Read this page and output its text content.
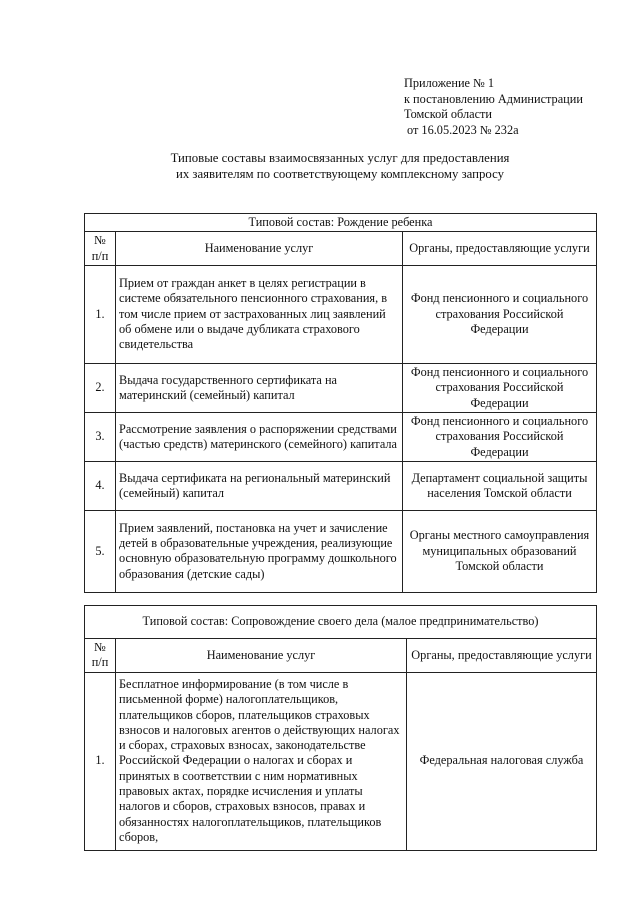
Приложение № 1
к постановлению Администрации
Томской области
от 16.05.2023 № 232а
Типовые составы взаимосвязанных услуг для предоставления
их заявителям по соответствующему комплексному запросу
Типовой состав: Рождение ребенка		
№ п/п	Наименование услуг	Органы, предоставляющие услуги
1.	Прием от граждан анкет в целях регистрации в системе обязательного пенсионного страхования, в том числе прием от застрахованных лиц заявлений об обмене или о выдаче дубликата страхового свидетельства	Фонд пенсионного и социального страхования Российской Федерации
2.	Выдача государственного сертификата на материнский (семейный) капитал	Фонд пенсионного и социального страхования Российской Федерации
3.	Рассмотрение заявления о распоряжении средствами (частью средств) материнского (семейного) капитала	Фонд пенсионного и социального страхования Российской Федерации
4.	Выдача сертификата на региональный материнский (семейный) капитал	Департамент социальной защиты населения Томской области
5.	Прием заявлений, постановка на учет и зачисление детей в образовательные учреждения, реализующие основную образовательную программу дошкольного образования (детские сады)	Органы местного самоуправления муниципальных образований Томской области
Типовой состав: Сопровождение своего дела (малое предпринимательство)		
№ п/п	Наименование услуг	Органы, предоставляющие услуги
1.	Бесплатное информирование (в том числе в письменной форме) налогоплательщиков, плательщиков сборов, плательщиков страховых взносов и налоговых агентов о действующих налогах и сборах, страховых взносах, законодательстве Российской Федерации о налогах и сборах и принятых в соответствии с ним нормативных правовых актах, порядке исчисления и уплаты налогов и сборов, страховых взносов, правах и обязанностях налогоплательщиков, плательщиков сборов,	Федеральная налоговая служба
